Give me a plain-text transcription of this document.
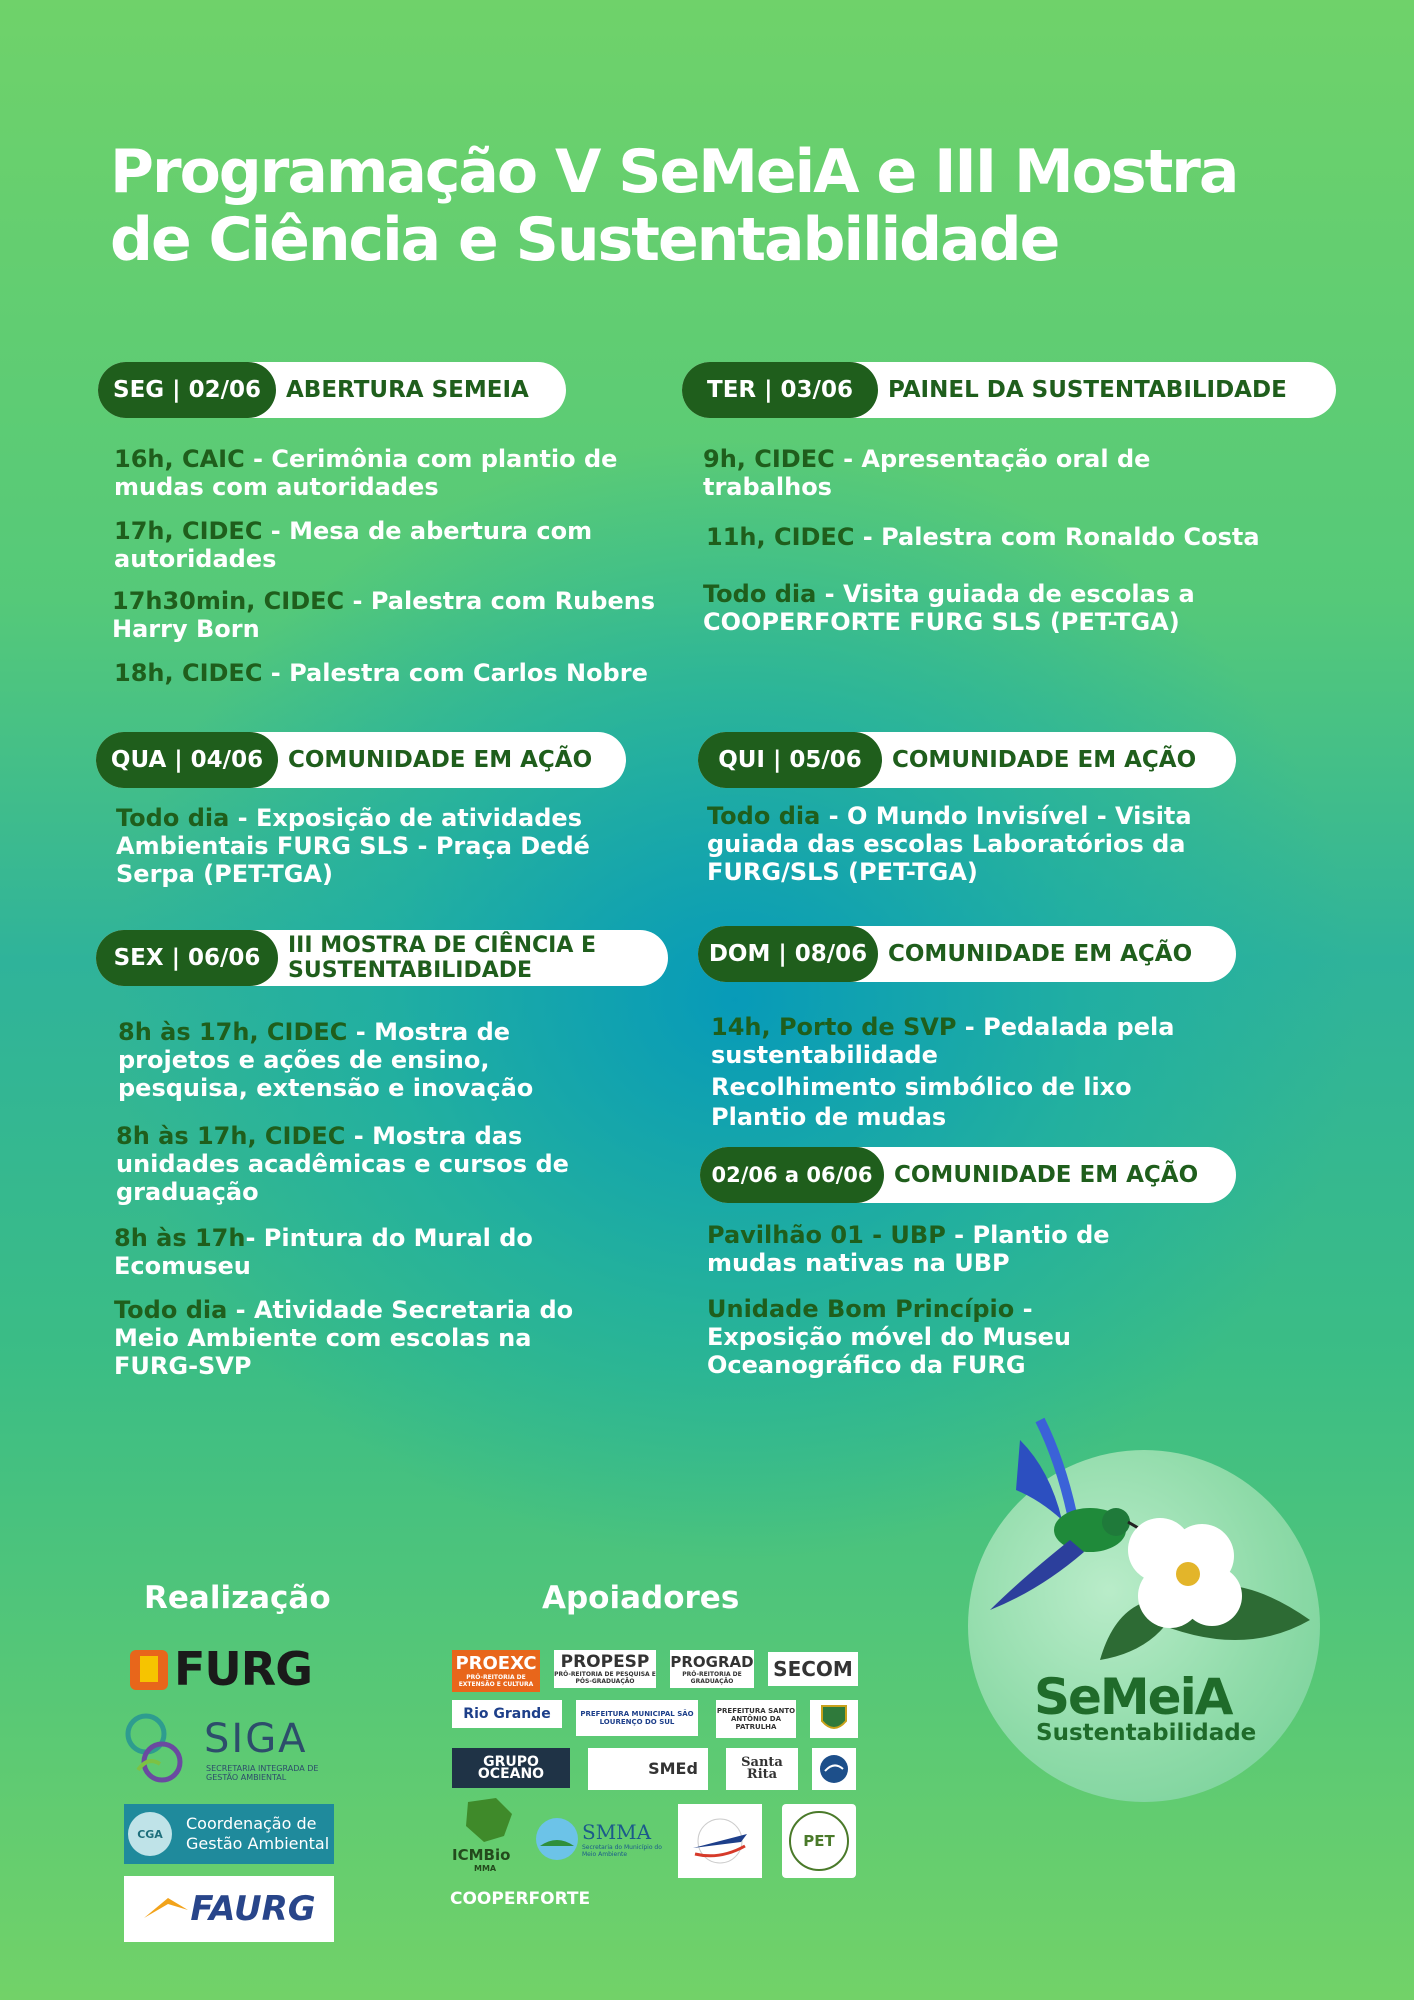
Programação V SeMeiA e III Mostra
de Ciência e Sustentabilidade
SEG | 02/06	ABERTURA SEMEIA
16h, CAIC - Cerimônia com plantio de mudas com autoridades
17h, CIDEC - Mesa de abertura com autoridades
17h30min, CIDEC - Palestra com Rubens Harry Born
18h, CIDEC - Palestra com Carlos Nobre
TER | 03/06	PAINEL DA SUSTENTABILIDADE
9h, CIDEC - Apresentação oral de trabalhos
11h, CIDEC - Palestra com Ronaldo Costa
Todo dia - Visita guiada de escolas a COOPERFORTE FURG SLS (PET-TGA)
QUA | 04/06	COMUNIDADE EM AÇÃO
Todo dia - Exposição de atividades Ambientais FURG SLS - Praça Dedé Serpa (PET-TGA)
QUI | 05/06	COMUNIDADE EM AÇÃO
Todo dia - O Mundo Invisível - Visita guiada das escolas Laboratórios da FURG/SLS (PET-TGA)
SEX | 06/06	III MOSTRA DE CIÊNCIA E SUSTENTABILIDADE
8h às 17h, CIDEC - Mostra de projetos e ações de ensino, pesquisa, extensão e inovação
8h às 17h, CIDEC - Mostra das unidades acadêmicas e cursos de graduação
8h às 17h- Pintura do Mural do Ecomuseu
Todo dia - Atividade Secretaria do Meio Ambiente com escolas na FURG-SVP
DOM | 08/06 COMUNIDADE EM AÇÃO
14h, Porto de SVP - Pedalada pela sustentabilidade
Recolhimento simbólico de lixo
Plantio de mudas
02/06 a 06/06 COMUNIDADE EM AÇÃO
Pavilhão 01 - UBP - Plantio de mudas nativas na UBP
Unidade Bom Princípio - Exposição móvel do Museu Oceanográfico da FURG
Realização
FURG
SIGA
SECRETARIA INTEGRADA DE GESTÃO AMBIENTAL
CGA
Coordenação de Gestão Ambiental
FAURG
Apoiadores
PROEXC
PRÓ-REITORIA DE EXTENSÃO E CULTURA
PROPESP
PRÓ-REITORIA DE PESQUISA E PÓS-GRADUAÇÃO
PROGRAD
PRÓ-REITORIA DE GRADUAÇÃO	SECOM
Rio Grande	PREFEITURA MUNICIPAL SÃO LOURENÇO DO SUL
PREFEITURA SANTO ANTÔNIO DA PATRULHA
GRUPO OCEANO	SMEd	Santa Rita
ICMBio
MMA
SMMA
Secretaria do Município do Meio Ambiente
PET
COOPERFORTE
SeMeiA
Sustentabilidade
